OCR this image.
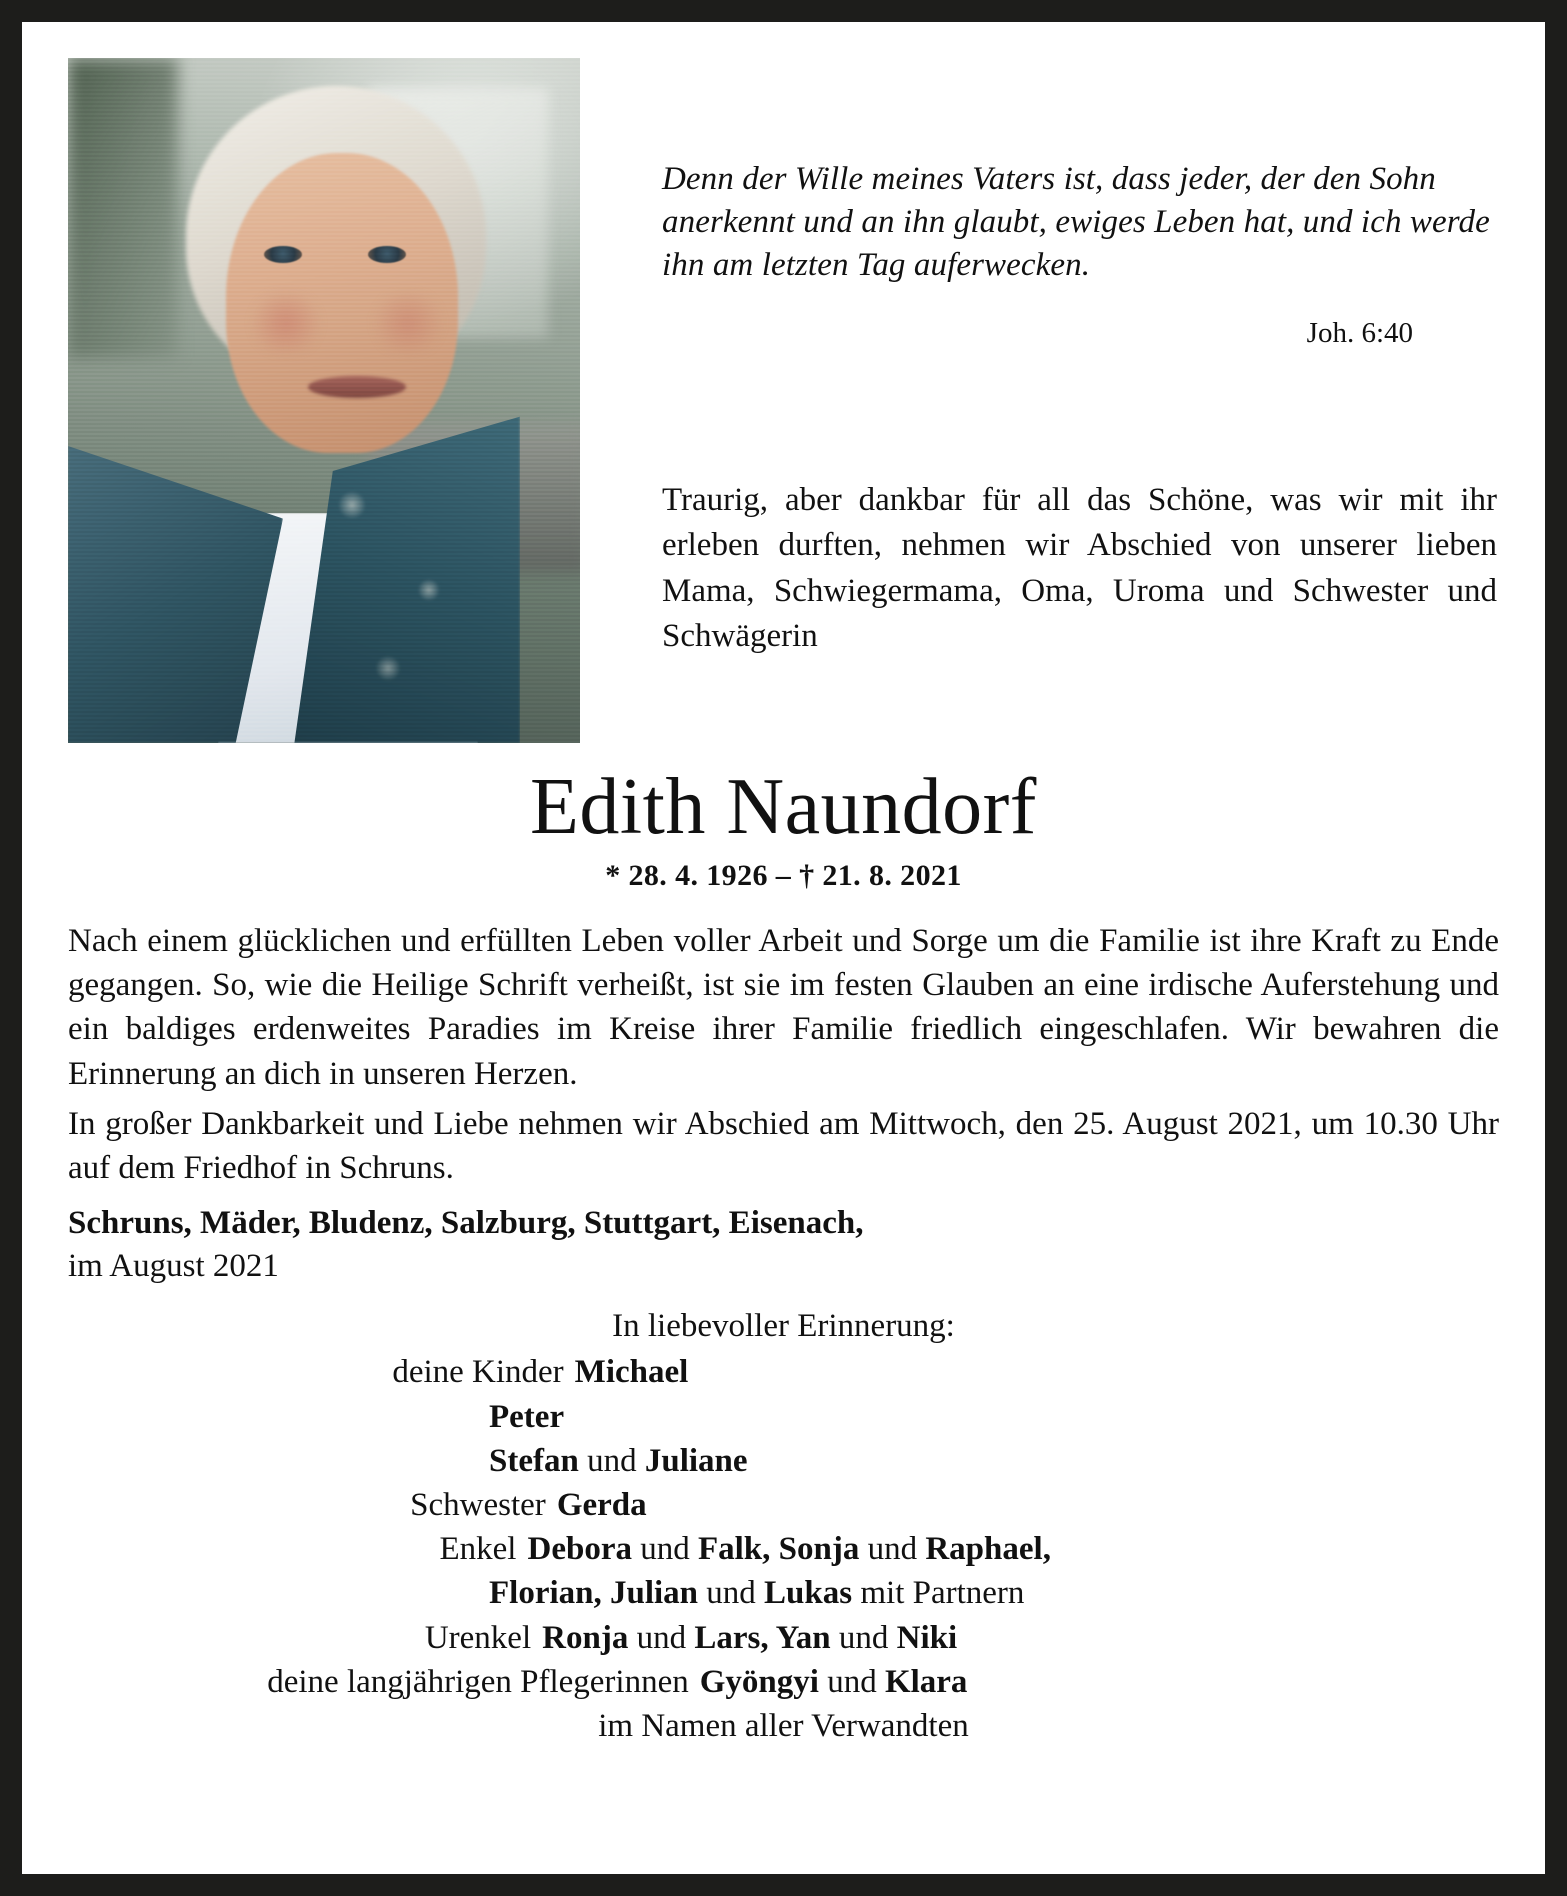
Denn der Wille meines Vaters ist, dass jeder, der den Sohn anerkennt und an ihn glaubt, ewiges Leben hat, und ich werde ihn am letzten Tag auferwecken.
Joh. 6:40
Traurig, aber dankbar für all das Schöne, was wir mit ihr erleben durften, nehmen wir Abschied von unserer lieben Mama, Schwiegermama, Oma, Uroma und Schwester und Schwägerin
Edith Naundorf
* 28. 4. 1926 – † 21. 8. 2021

Nach einem glücklichen und erfüllten Leben voller Arbeit und Sorge um die Familie ist ihre Kraft zu Ende gegangen. So, wie die Heilige Schrift verheißt, ist sie im festen Glauben an eine irdische Auferstehung und ein baldiges erdenweites Paradies im Kreise ihrer Familie friedlich eingeschlafen. Wir bewahren die Erinnerung an dich in unseren Herzen.

In großer Dankbarkeit und Liebe nehmen wir Abschied am Mittwoch, den 25. August 2021, um 10.30 Uhr auf dem Friedhof in Schruns.

Schruns, Mäder, Bludenz, Salzburg, Stuttgart, Eisenach,
im August 2021
In liebevoller Erinnerung:
deine Kinder Michael
Peter
Stefan und Juliane
Schwester Gerda
Enkel Debora und Falk, Sonja und Raphael,
Florian, Julian und Lukas mit Partnern
Urenkel Ronja und Lars, Yan und Niki
deine langjährigen Pflegerinnen Gyöngyi und Klara
im Namen aller Verwandten
